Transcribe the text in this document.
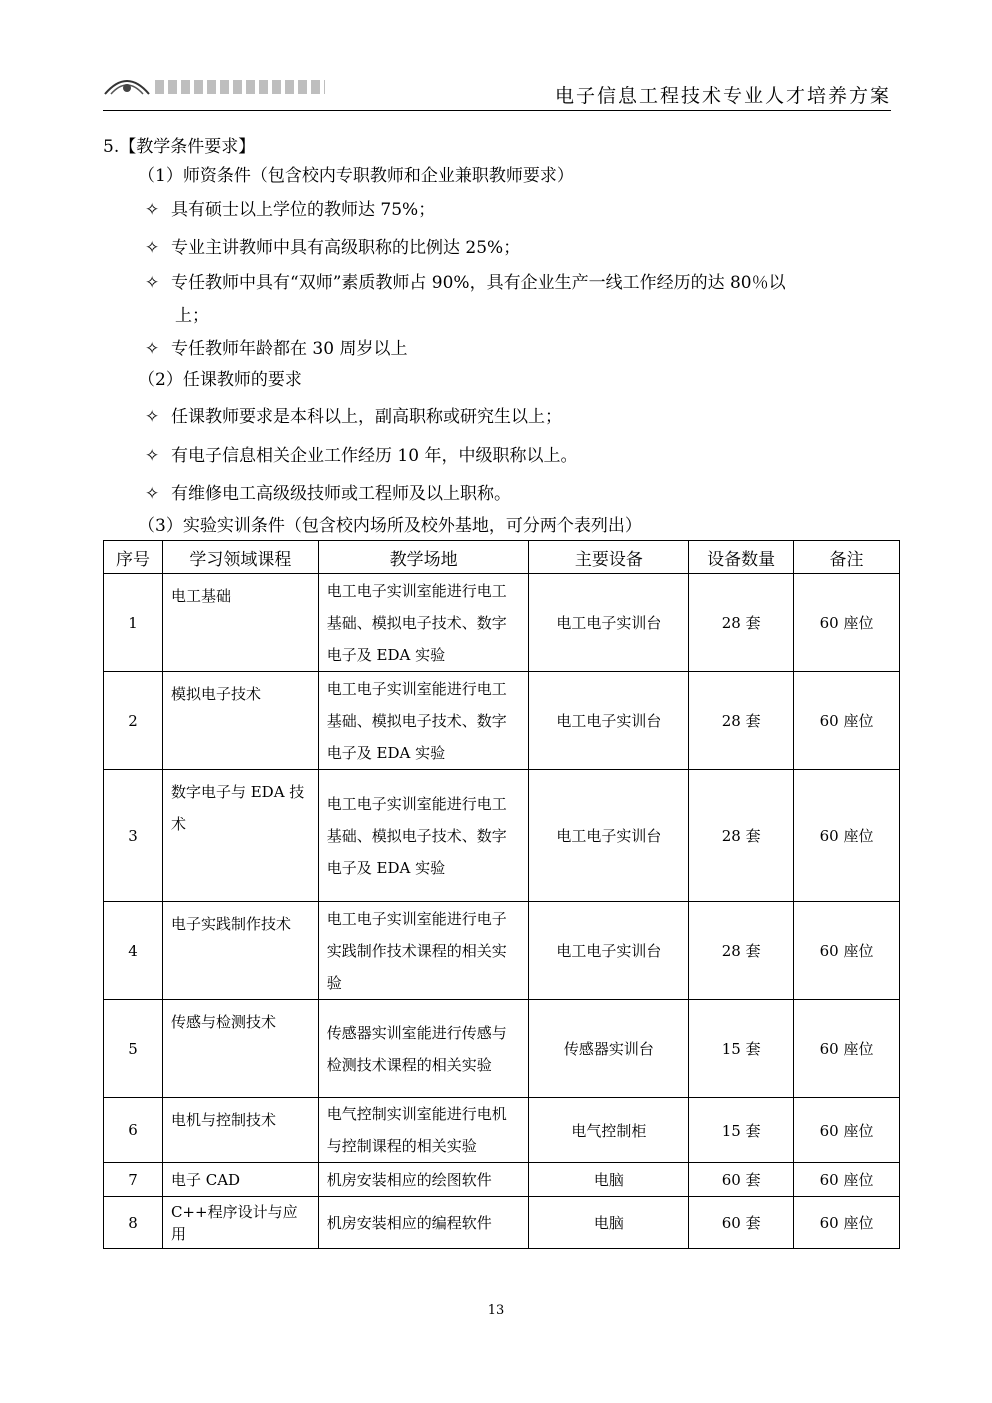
电子信息工程技术专业人才培养方案
5.【教学条件要求】
（1）师资条件（包含校内专职教师和企业兼职教师要求）
✧ 具有硕士以上学位的教师达 75%；
✧ 专业主讲教师中具有高级职称的比例达 25%；
✧ 专任教师中具有“双师”素质教师占 90%，具有企业生产一线工作经历的达 80％以
上；
✧ 专任教师年龄都在 30 周岁以上
（2）任课教师的要求
✧ 任课教师要求是本科以上，副高职称或研究生以上；
✧ 有电子信息相关企业工作经历 10 年，中级职称以上。
✧ 有维修电工高级级技师或工程师及以上职称。
（3）实验实训条件（包含校内场所及校外基地，可分两个表列出）
序号	学习领域课程	教学场地	主要设备	设备数量	备注
1	电工基础	电工电子实训室能进行电工基础、模拟电子技术、数字电子及 EDA 实验	电工电子实训台	28 套	60 座位
2	模拟电子技术	电工电子实训室能进行电工基础、模拟电子技术、数字电子及 EDA 实验	电工电子实训台	28 套	60 座位
3	数字电子与 EDA 技术	电工电子实训室能进行电工基础、模拟电子技术、数字电子及 EDA 实验	电工电子实训台	28 套	60 座位
4	电子实践制作技术	电工电子实训室能进行电子实践制作技术课程的相关实验	电工电子实训台	28 套	60 座位
5	传感与检测技术	传感器实训室能进行传感与检测技术课程的相关实验	传感器实训台	15 套	60 座位
6	电机与控制技术	电气控制实训室能进行电机与控制课程的相关实验	电气控制柜	15 套	60 座位
7	电子 CAD	机房安装相应的绘图软件	电脑	60 套	60 座位
8	C++程序设计与应用	机房安装相应的编程软件	电脑	60 套	60 座位
13
